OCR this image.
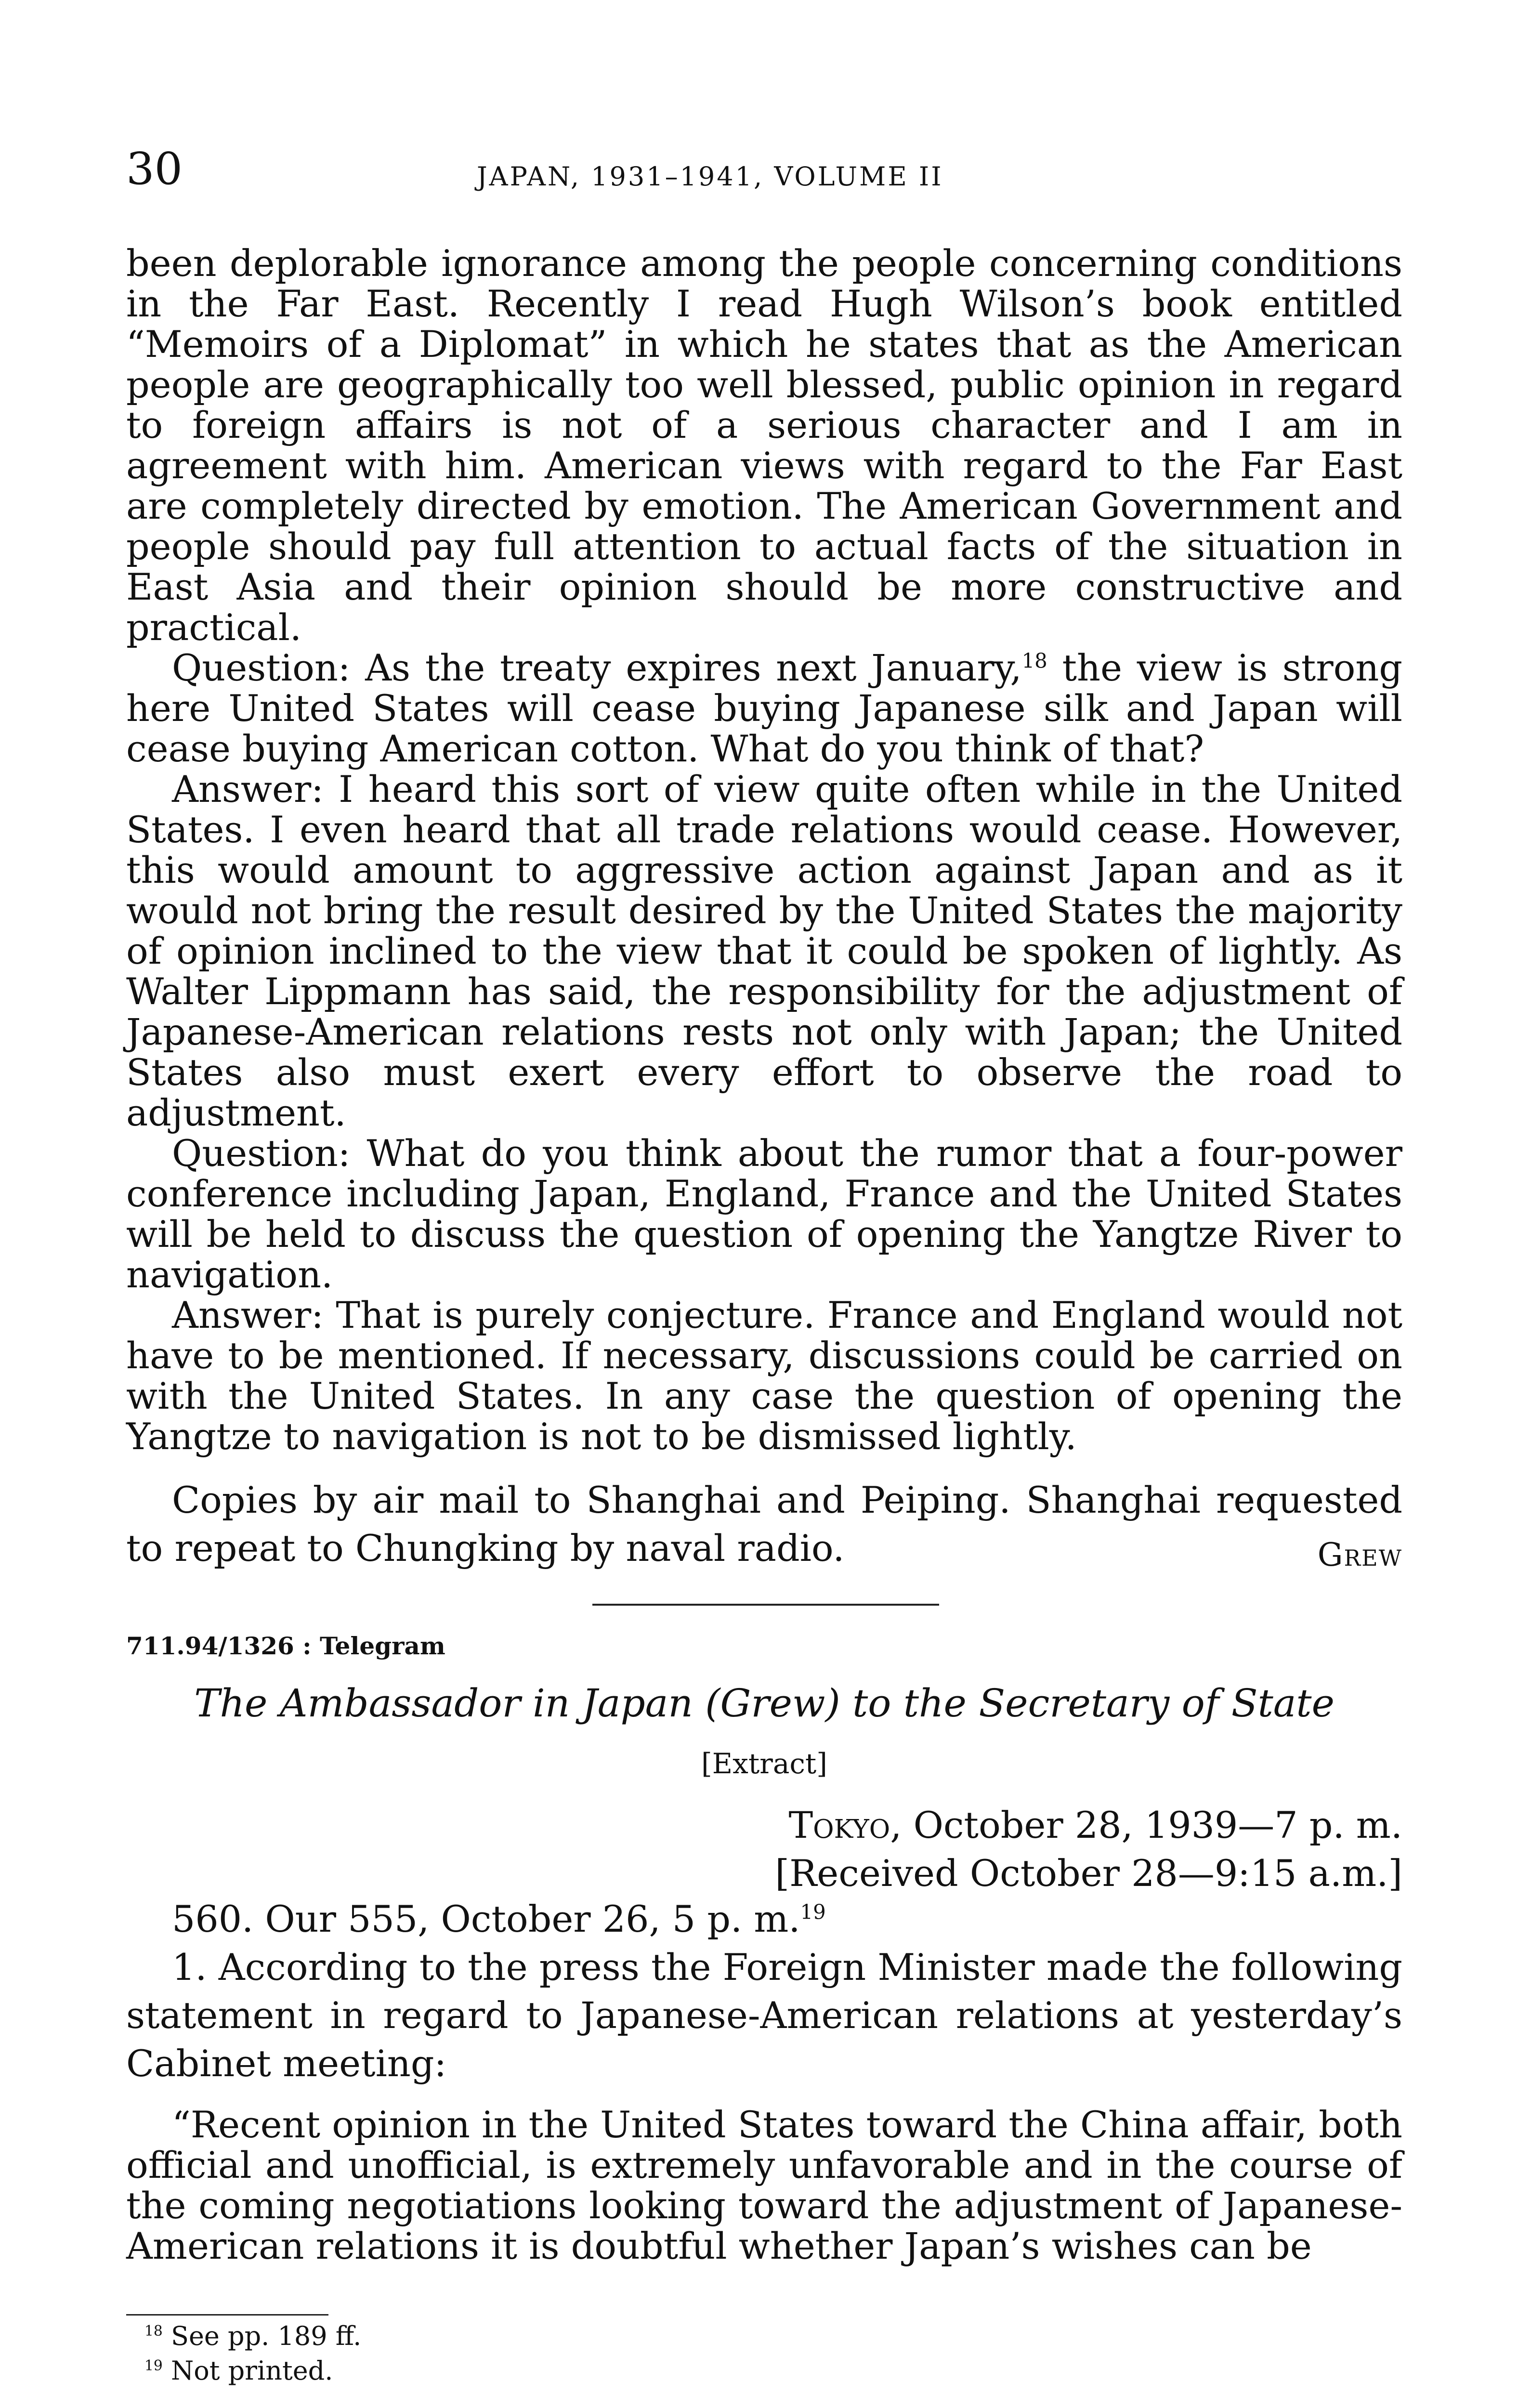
30	JAPAN, 1931–1941, VOLUME II

been deplorable ignorance among the people concerning conditions in the Far East. Recently I read Hugh Wilson’s book entitled “Memoirs of a Diplomat” in which he states that as the American people are geographically too well blessed, public opinion in regard to foreign affairs is not of a serious character and I am in agreement with him. American views with regard to the Far East are completely directed by emotion. The American Government and people should pay full attention to actual facts of the situation in East Asia and their opinion should be more constructive and practical.

Question: As the treaty expires next January,$^{18}$ the view is strong here United States will cease buying Japanese silk and Japan will cease buying American cotton. What do you think of that?

Answer: I heard this sort of view quite often while in the United States. I even heard that all trade relations would cease. However, this would amount to aggressive action against Japan and as it would not bring the result desired by the United States the majority of opinion inclined to the view that it could be spoken of lightly. As Walter Lippmann has said, the responsibility for the adjustment of Japanese-American relations rests not only with Japan; the United States also must exert every effort to observe the road to adjustment.

Question: What do you think about the rumor that a four-power conference including Japan, England, France and the United States will be held to discuss the question of opening the Yangtze River to navigation.

Answer: That is purely conjecture. France and England would not have to be mentioned. If necessary, discussions could be carried on with the United States. In any case the question of opening the Yangtze to navigation is not to be dismissed lightly.

Copies by air mail to Shanghai and Peiping. Shanghai requested to repeat to Chungking by naval radio.	Grew
711.94/1326 : Telegram
The Ambassador in Japan (Grew) to the Secretary of State
[Extract]
Tokyo, October 28, 1939—7 p. m.
[Received October 28—9:15 a.m.]

560. Our 555, October 26, 5 p. m.$^{19}$

1. According to the press the Foreign Minister made the following statement in regard to Japanese-American relations at yesterday’s Cabinet meeting:

“Recent opinion in the United States toward the China affair, both official and unofficial, is extremely unfavorable and in the course of the coming negotiations looking toward the adjustment of Japanese-American relations it is doubtful whether Japan’s wishes can be

$^{18}$ See pp. 189 ff.
$^{19}$ Not printed.
